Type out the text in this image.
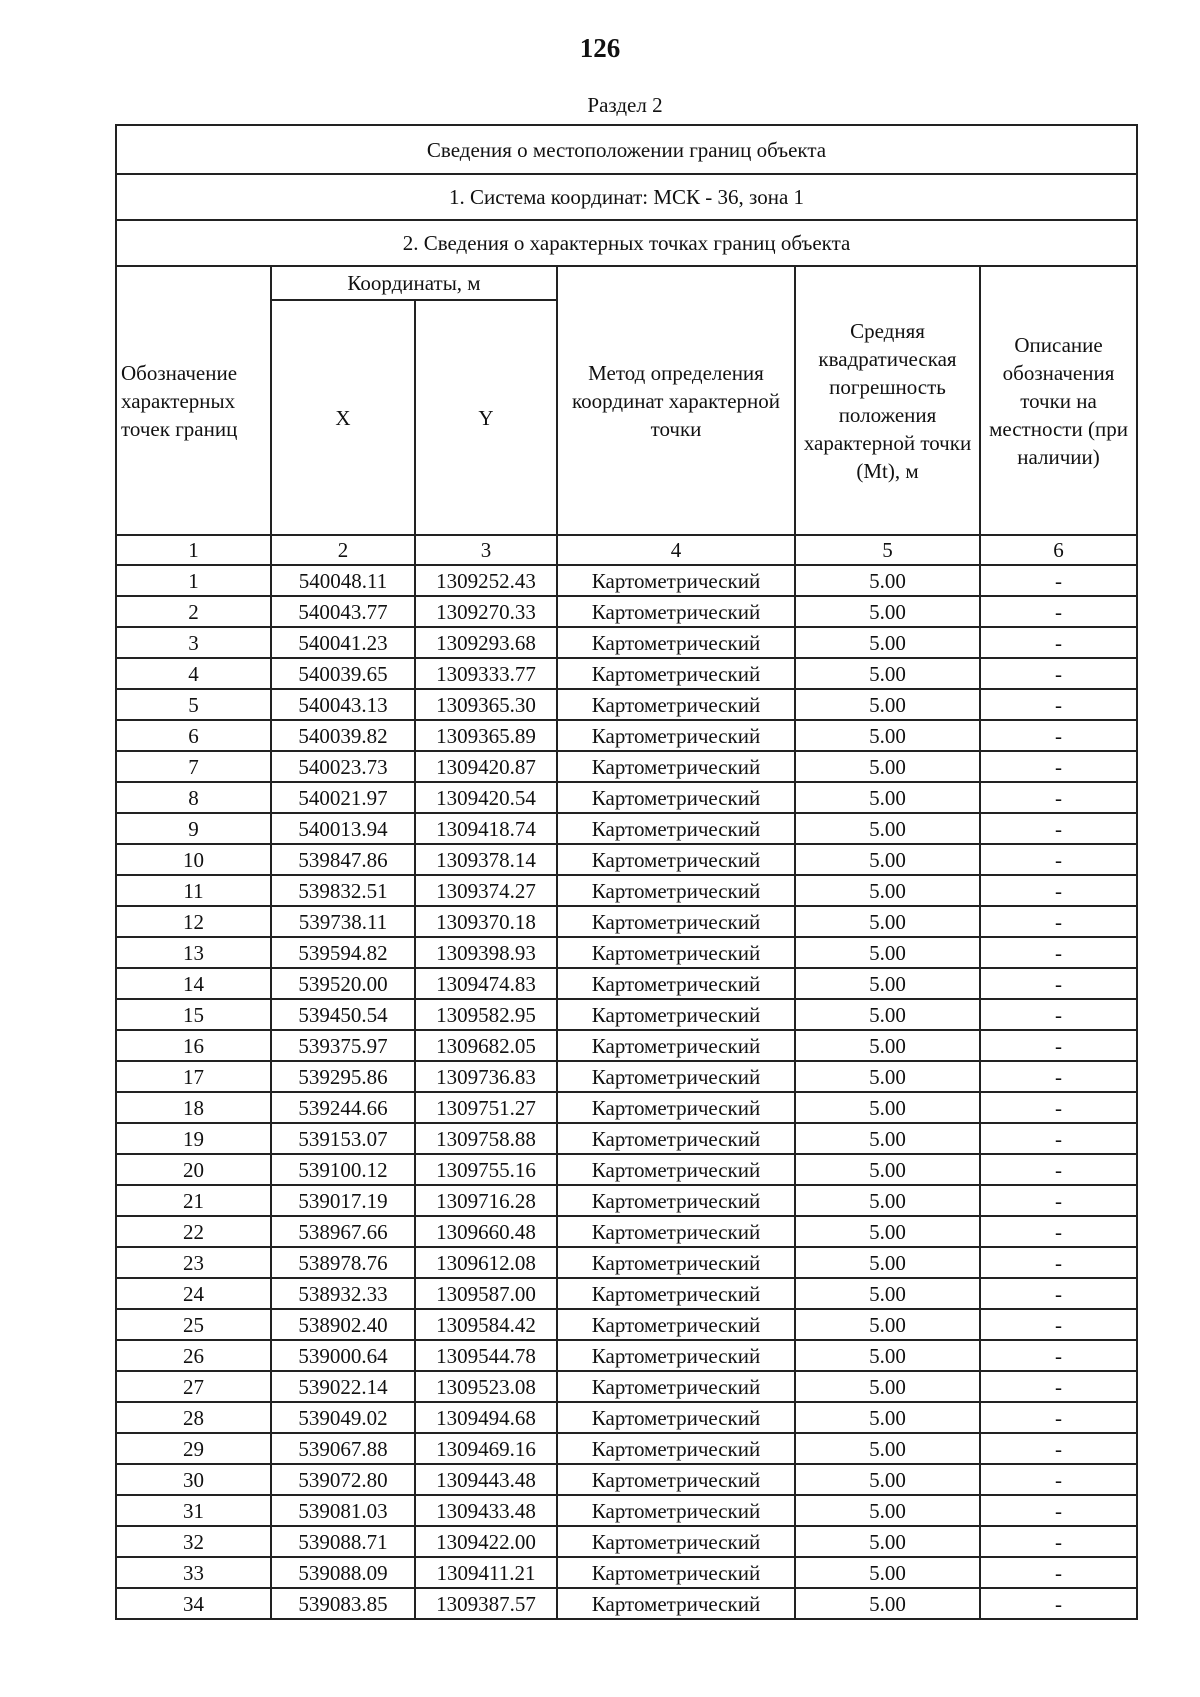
126
Раздел 2
Сведения о местоположении границ объекта					
1. Система координат: МСК - 36, зона 1					
2. Сведения о характерных точках границ объекта					
Обозначение характерных точек границ	Координаты, м		Метод определения координат характерной точки	Средняя квадратическая погрешность положения характерной точки (Mt), м	Описание обозначения точки на местности (при наличии)
	X	Y			
1	2	3	4	5	6
1	540048.11	1309252.43	Картометрический	5.00	-
2	540043.77	1309270.33	Картометрический	5.00	-
3	540041.23	1309293.68	Картометрический	5.00	-
4	540039.65	1309333.77	Картометрический	5.00	-
5	540043.13	1309365.30	Картометрический	5.00	-
6	540039.82	1309365.89	Картометрический	5.00	-
7	540023.73	1309420.87	Картометрический	5.00	-
8	540021.97	1309420.54	Картометрический	5.00	-
9	540013.94	1309418.74	Картометрический	5.00	-
10	539847.86	1309378.14	Картометрический	5.00	-
11	539832.51	1309374.27	Картометрический	5.00	-
12	539738.11	1309370.18	Картометрический	5.00	-
13	539594.82	1309398.93	Картометрический	5.00	-
14	539520.00	1309474.83	Картометрический	5.00	-
15	539450.54	1309582.95	Картометрический	5.00	-
16	539375.97	1309682.05	Картометрический	5.00	-
17	539295.86	1309736.83	Картометрический	5.00	-
18	539244.66	1309751.27	Картометрический	5.00	-
19	539153.07	1309758.88	Картометрический	5.00	-
20	539100.12	1309755.16	Картометрический	5.00	-
21	539017.19	1309716.28	Картометрический	5.00	-
22	538967.66	1309660.48	Картометрический	5.00	-
23	538978.76	1309612.08	Картометрический	5.00	-
24	538932.33	1309587.00	Картометрический	5.00	-
25	538902.40	1309584.42	Картометрический	5.00	-
26	539000.64	1309544.78	Картометрический	5.00	-
27	539022.14	1309523.08	Картометрический	5.00	-
28	539049.02	1309494.68	Картометрический	5.00	-
29	539067.88	1309469.16	Картометрический	5.00	-
30	539072.80	1309443.48	Картометрический	5.00	-
31	539081.03	1309433.48	Картометрический	5.00	-
32	539088.71	1309422.00	Картометрический	5.00	-
33	539088.09	1309411.21	Картометрический	5.00	-
34	539083.85	1309387.57	Картометрический	5.00	-
